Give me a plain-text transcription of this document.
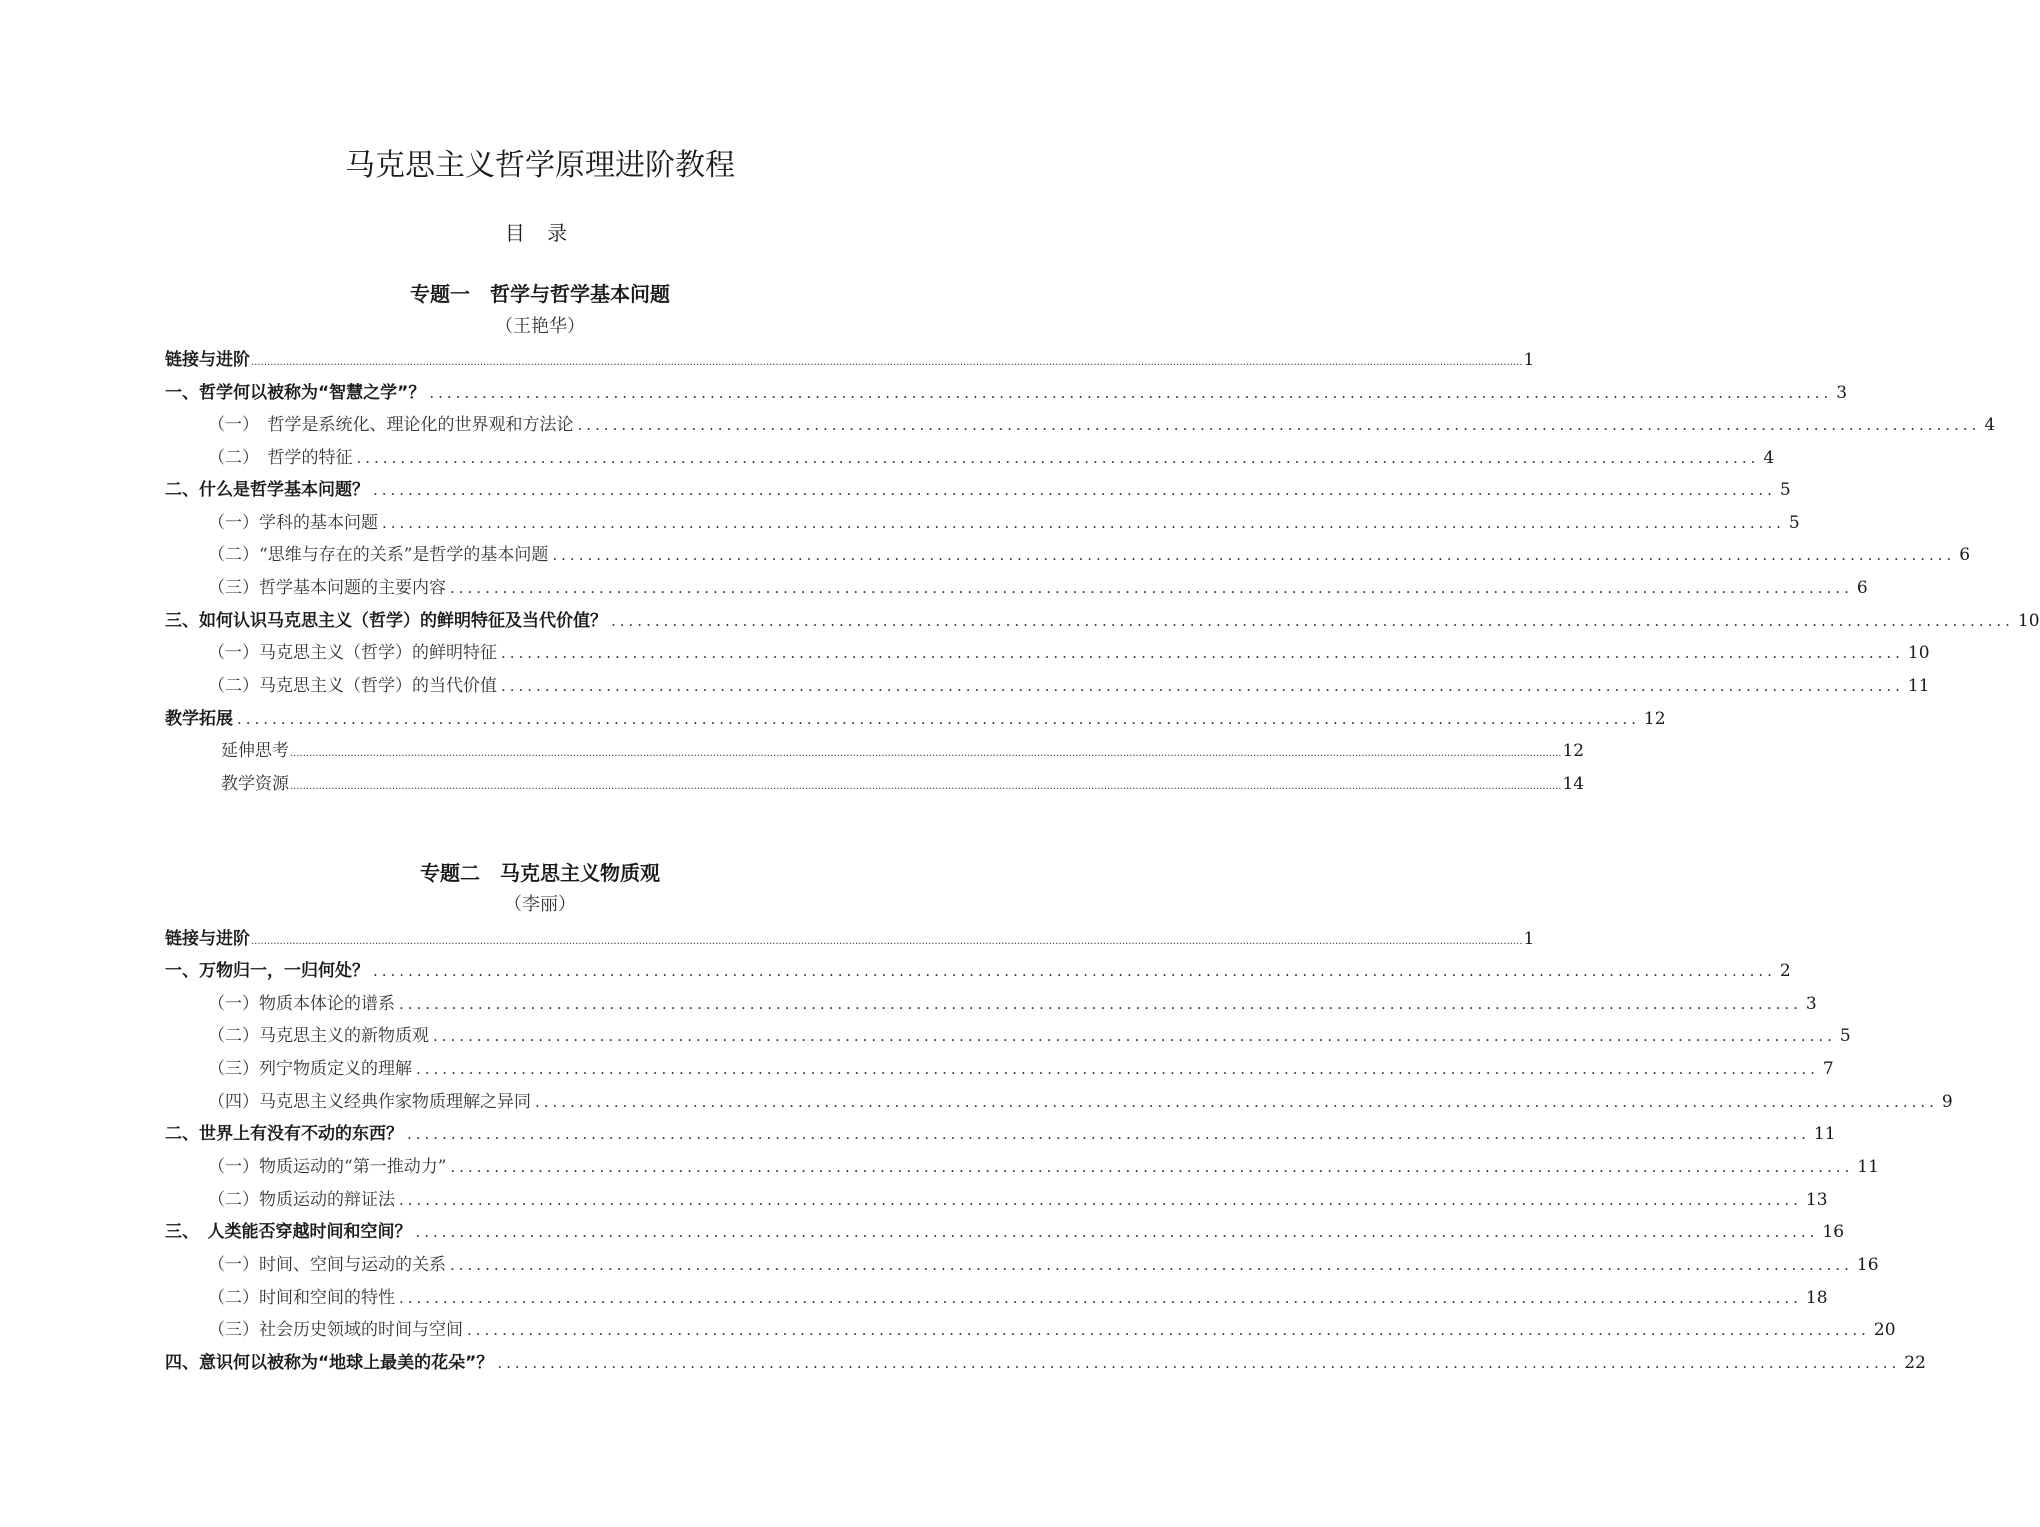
马克思主义哲学原理进阶教程
目 录
专题一　哲学与哲学基本问题
（王艳华）
链接与进阶 ................................................................................................................................................................................................................................................................................................................................................................................................................ 1
一、哲学何以被称为“智慧之学”？ ................................................................................................................................................................ 3
（一）　哲学是系统化、理论化的世界观和方法论 ................................................................................................................................................................ 4
（二）　哲学的特征 ................................................................................................................................................................ 4
二、什么是哲学基本问题？ ................................................................................................................................................................ 5
（一）学科的基本问题 ................................................................................................................................................................ 5
（二）“思维与存在的关系”是哲学的基本问题 ................................................................................................................................................................ 6
（三）哲学基本问题的主要内容 ................................................................................................................................................................ 6
三、如何认识马克思主义（哲学）的鲜明特征及当代价值？ ................................................................................................................................................................ 10
（一）马克思主义（哲学）的鲜明特征 ................................................................................................................................................................ 10
（二）马克思主义（哲学）的当代价值 ................................................................................................................................................................ 11
教学拓展 ................................................................................................................................................................ 12
延伸思考 ................................................................................................................................................................................................................................................................................................................................................................................................................ 12
教学资源 ................................................................................................................................................................................................................................................................................................................................................................................................................ 14
专题二　马克思主义物质观
（李丽）
链接与进阶 ................................................................................................................................................................................................................................................................................................................................................................................................................ 1
一、万物归一，一归何处？ ................................................................................................................................................................ 2
（一）物质本体论的谱系 ................................................................................................................................................................ 3
（二）马克思主义的新物质观 ................................................................................................................................................................ 5
（三）列宁物质定义的理解 ................................................................................................................................................................ 7
（四）马克思主义经典作家物质理解之异同 ................................................................................................................................................................ 9
二、世界上有没有不动的东西？ ................................................................................................................................................................ 11
（一）物质运动的“第一推动力” ................................................................................................................................................................ 11
（二）物质运动的辩证法 ................................................................................................................................................................ 13
三、　人类能否穿越时间和空间？ ................................................................................................................................................................ 16
（一）时间、空间与运动的关系 ................................................................................................................................................................ 16
（二）时间和空间的特性 ................................................................................................................................................................ 18
（三）社会历史领域的时间与空间 ................................................................................................................................................................ 20
四、意识何以被称为“地球上最美的花朵”？ ................................................................................................................................................................ 22
